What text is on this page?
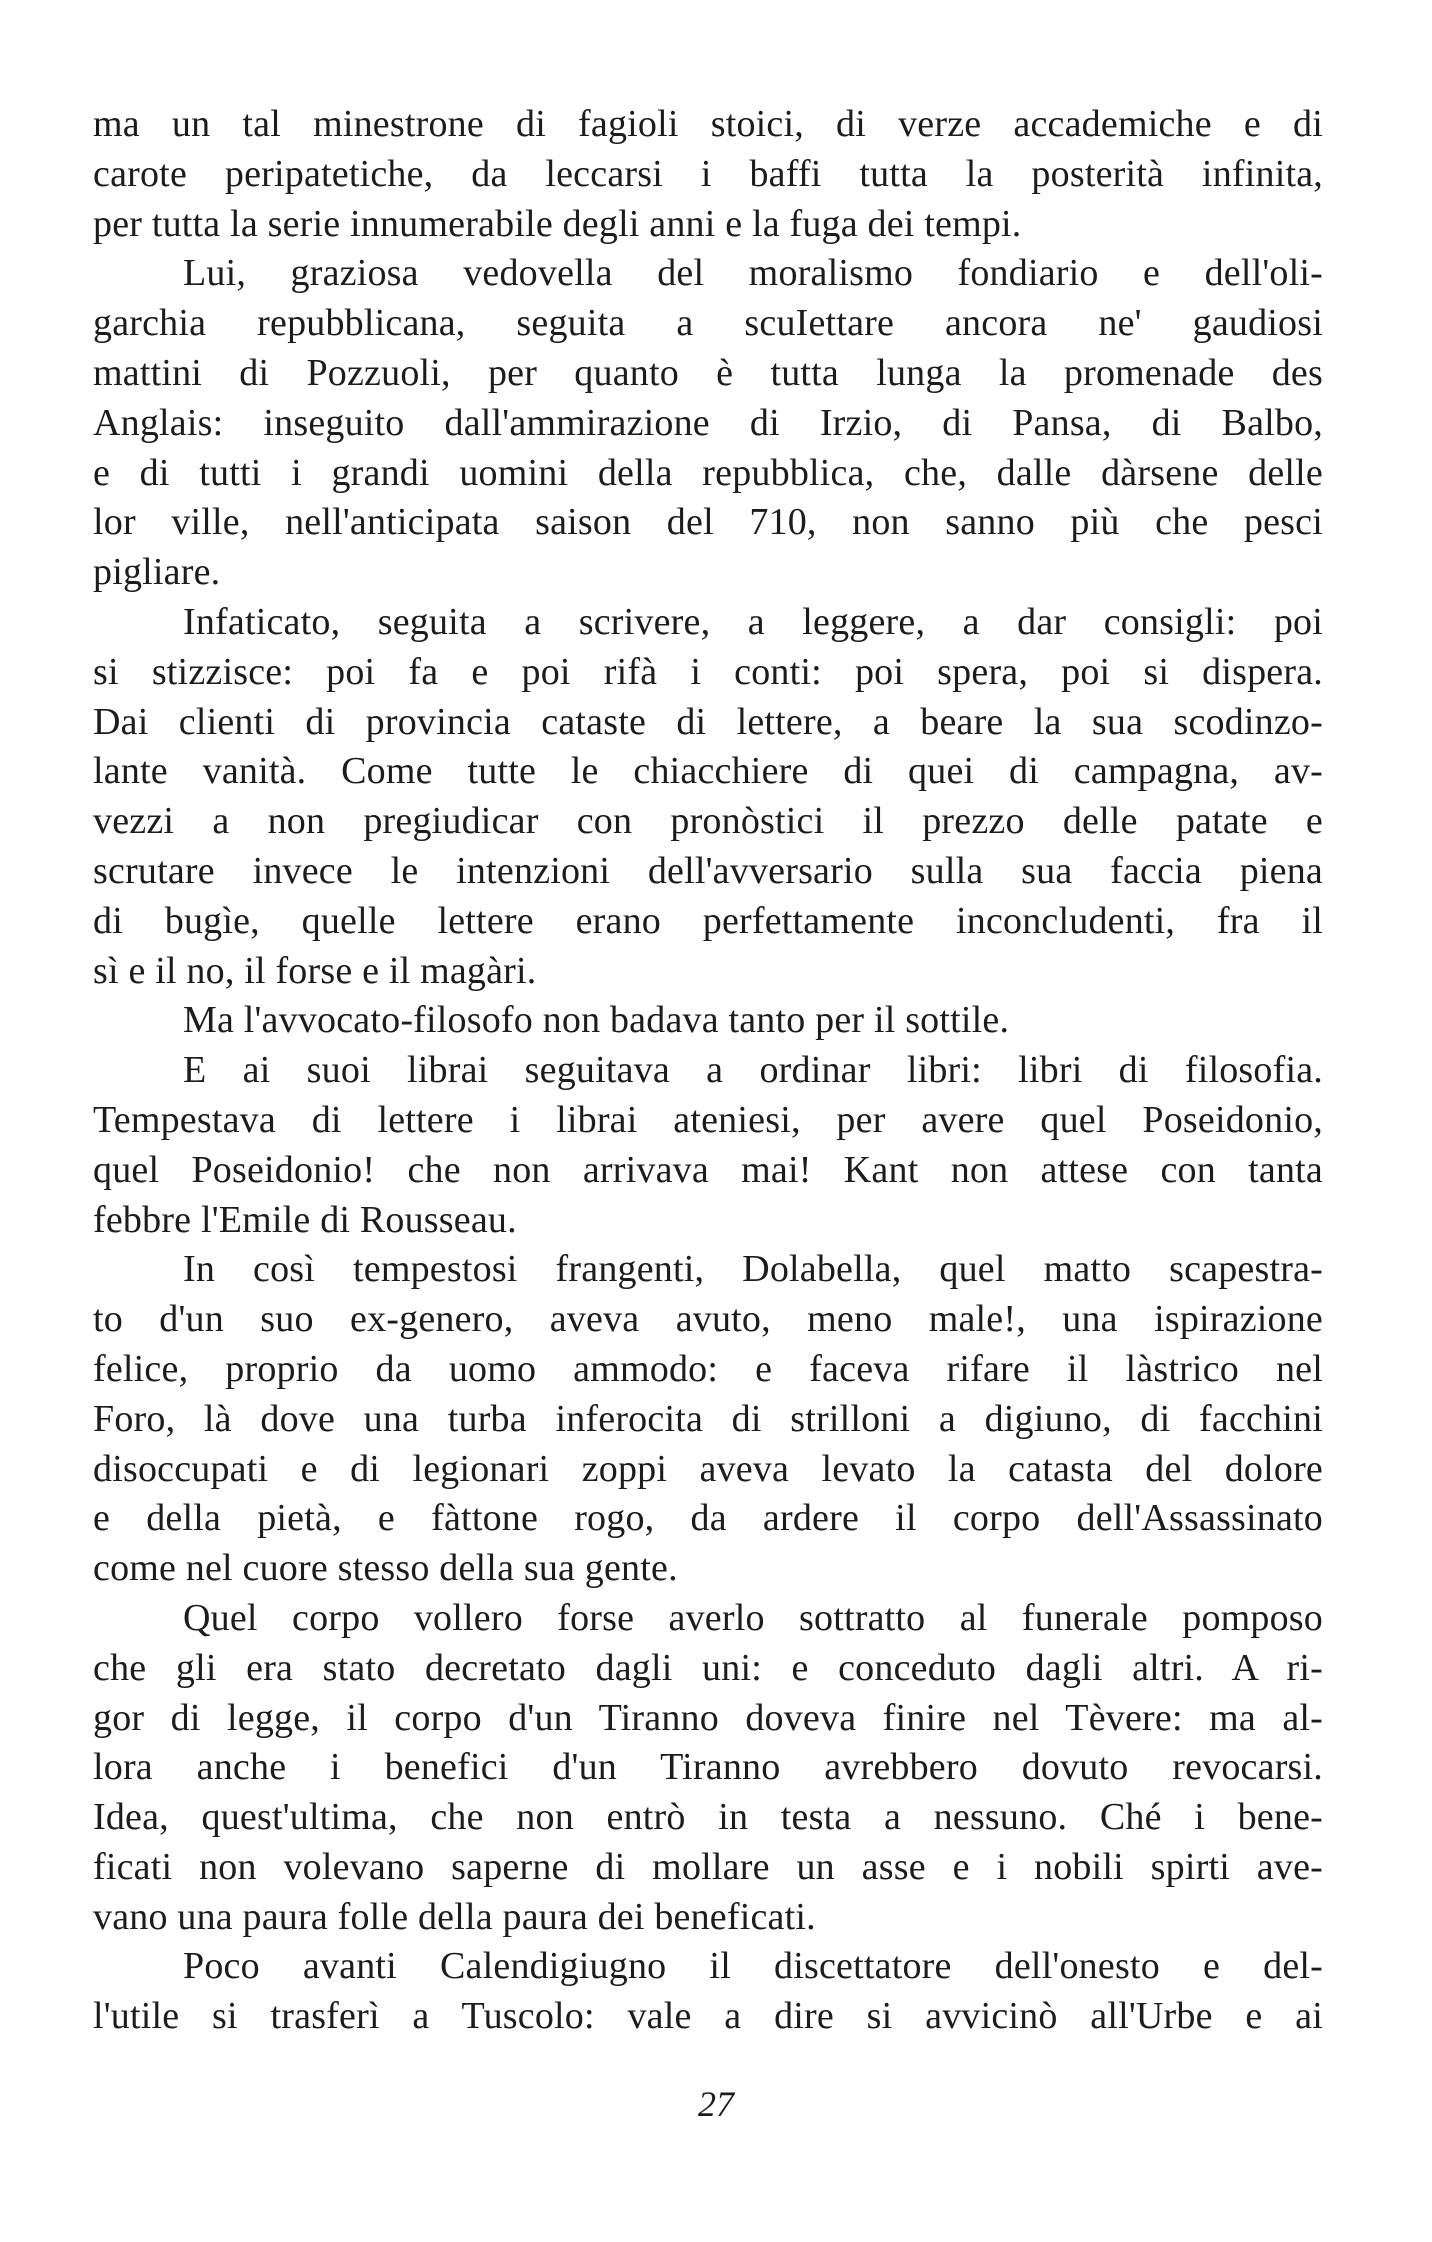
ma un tal minestrone di fagioli stoici, di verze accademiche e di
carote peripatetiche, da leccarsi i baffi tutta la posterità infinita,
per tutta la serie innumerabile degli anni e la fuga dei tempi.
Lui, graziosa vedovella del moralismo fondiario e dell'oli-
garchia repubblicana, seguita a scuIettare ancora ne' gaudiosi
mattini di Pozzuoli, per quanto è tutta lunga la promenade des
Anglais: inseguito dall'ammirazione di Irzio, di Pansa, di Balbo,
e di tutti i grandi uomini della repubblica, che, dalle dàrsene delle
lor ville, nell'anticipata saison del 710, non sanno più che pesci
pigliare.
Infaticato, seguita a scrivere, a leggere, a dar consigli: poi
si stizzisce: poi fa e poi rifà i conti: poi spera, poi si dispera.
Dai clienti di provincia cataste di lettere, a beare la sua scodinzo-
lante vanità. Come tutte le chiacchiere di quei di campagna, av-
vezzi a non pregiudicar con pronòstici il prezzo delle patate e
scrutare invece le intenzioni dell'avversario sulla sua faccia piena
di bugìe, quelle lettere erano perfettamente inconcludenti, fra il
sì e il no, il forse e il magàri.
Ma l'avvocato-filosofo non badava tanto per il sottile.
E ai suoi librai seguitava a ordinar libri: libri di filosofia.
Tempestava di lettere i librai ateniesi, per avere quel Poseidonio,
quel Poseidonio! che non arrivava mai! Kant non attese con tanta
febbre l'Emile di Rousseau.
In così tempestosi frangenti, Dolabella, quel matto scapestra-
to d'un suo ex-genero, aveva avuto, meno male!, una ispirazione
felice, proprio da uomo ammodo: e faceva rifare il làstrico nel
Foro, là dove una turba inferocita di strilloni a digiuno, di facchini
disoccupati e di legionari zoppi aveva levato la catasta del dolore
e della pietà, e fàttone rogo, da ardere il corpo dell'Assassinato
come nel cuore stesso della sua gente.
Quel corpo vollero forse averlo sottratto al funerale pomposo
che gli era stato decretato dagli uni: e conceduto dagli altri. A ri-
gor di legge, il corpo d'un Tiranno doveva finire nel Tèvere: ma al-
lora anche i benefici d'un Tiranno avrebbero dovuto revocarsi.
Idea, quest'ultima, che non entrò in testa a nessuno. Ché i bene-
ficati non volevano saperne di mollare un asse e i nobili spirti ave-
vano una paura folle della paura dei beneficati.
Poco avanti Calendigiugno il discettatore dell'onesto e del-
l'utile si trasferì a Tuscolo: vale a dire si avvicinò all'Urbe e ai
27
